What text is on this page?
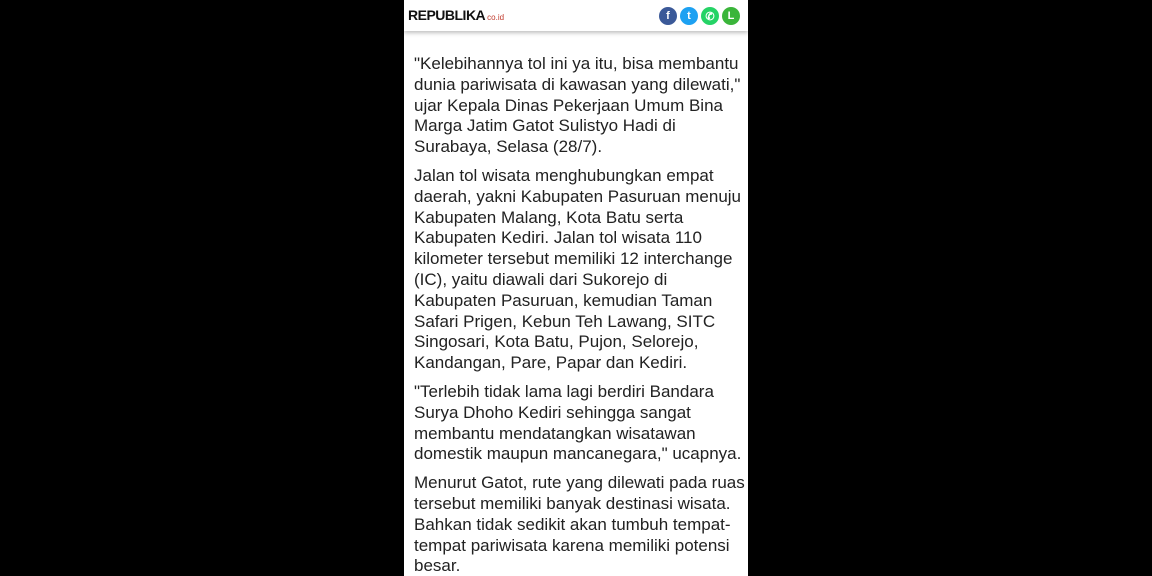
REPUBLIKA co.id	f	t	✆	L

"Kelebihannya tol ini ya itu, bisa membantu
dunia pariwisata di kawasan yang dilewati,"
ujar Kepala Dinas Pekerjaan Umum Bina
Marga Jatim Gatot Sulistyo Hadi di
Surabaya, Selasa (28/7).

Jalan tol wisata menghubungkan empat
daerah, yakni Kabupaten Pasuruan menuju
Kabupaten Malang, Kota Batu serta
Kabupaten Kediri. Jalan tol wisata 110
kilometer tersebut memiliki 12 interchange
(IC), yaitu diawali dari Sukorejo di
Kabupaten Pasuruan, kemudian Taman
Safari Prigen, Kebun Teh Lawang, SITC
Singosari, Kota Batu, Pujon, Selorejo,
Kandangan, Pare, Papar dan Kediri.

"Terlebih tidak lama lagi berdiri Bandara
Surya Dhoho Kediri sehingga sangat
membantu mendatangkan wisatawan
domestik maupun mancanegara," ucapnya.

Menurut Gatot, rute yang dilewati pada ruas
tersebut memiliki banyak destinasi wisata.
Bahkan tidak sedikit akan tumbuh tempat-
tempat pariwisata karena memiliki potensi
besar.
